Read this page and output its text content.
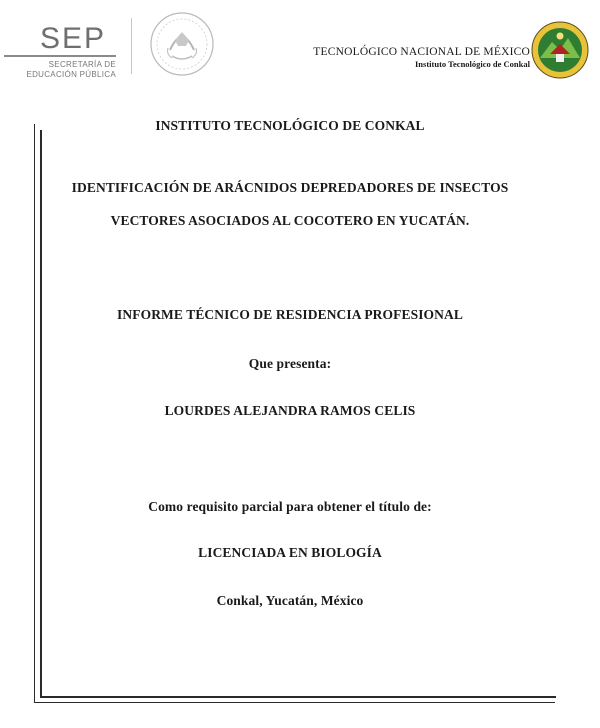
SEP
SECRETARÍA DE
EDUCACIÓN PÚBLICA
TECNOLÓGICO NACIONAL DE MÉXICO
Instituto Tecnológico de Conkal
INSTITUTO TECNOLÓGICO DE CONKAL
IDENTIFICACIÓN DE ARÁCNIDOS DEPREDADORES DE INSECTOS
VECTORES ASOCIADOS AL COCOTERO EN YUCATÁN.
INFORME TÉCNICO DE RESIDENCIA PROFESIONAL
Que presenta:
LOURDES ALEJANDRA RAMOS CELIS
Como requisito parcial para obtener el título de:
LICENCIADA EN BIOLOGÍA
Conkal, Yucatán, México
